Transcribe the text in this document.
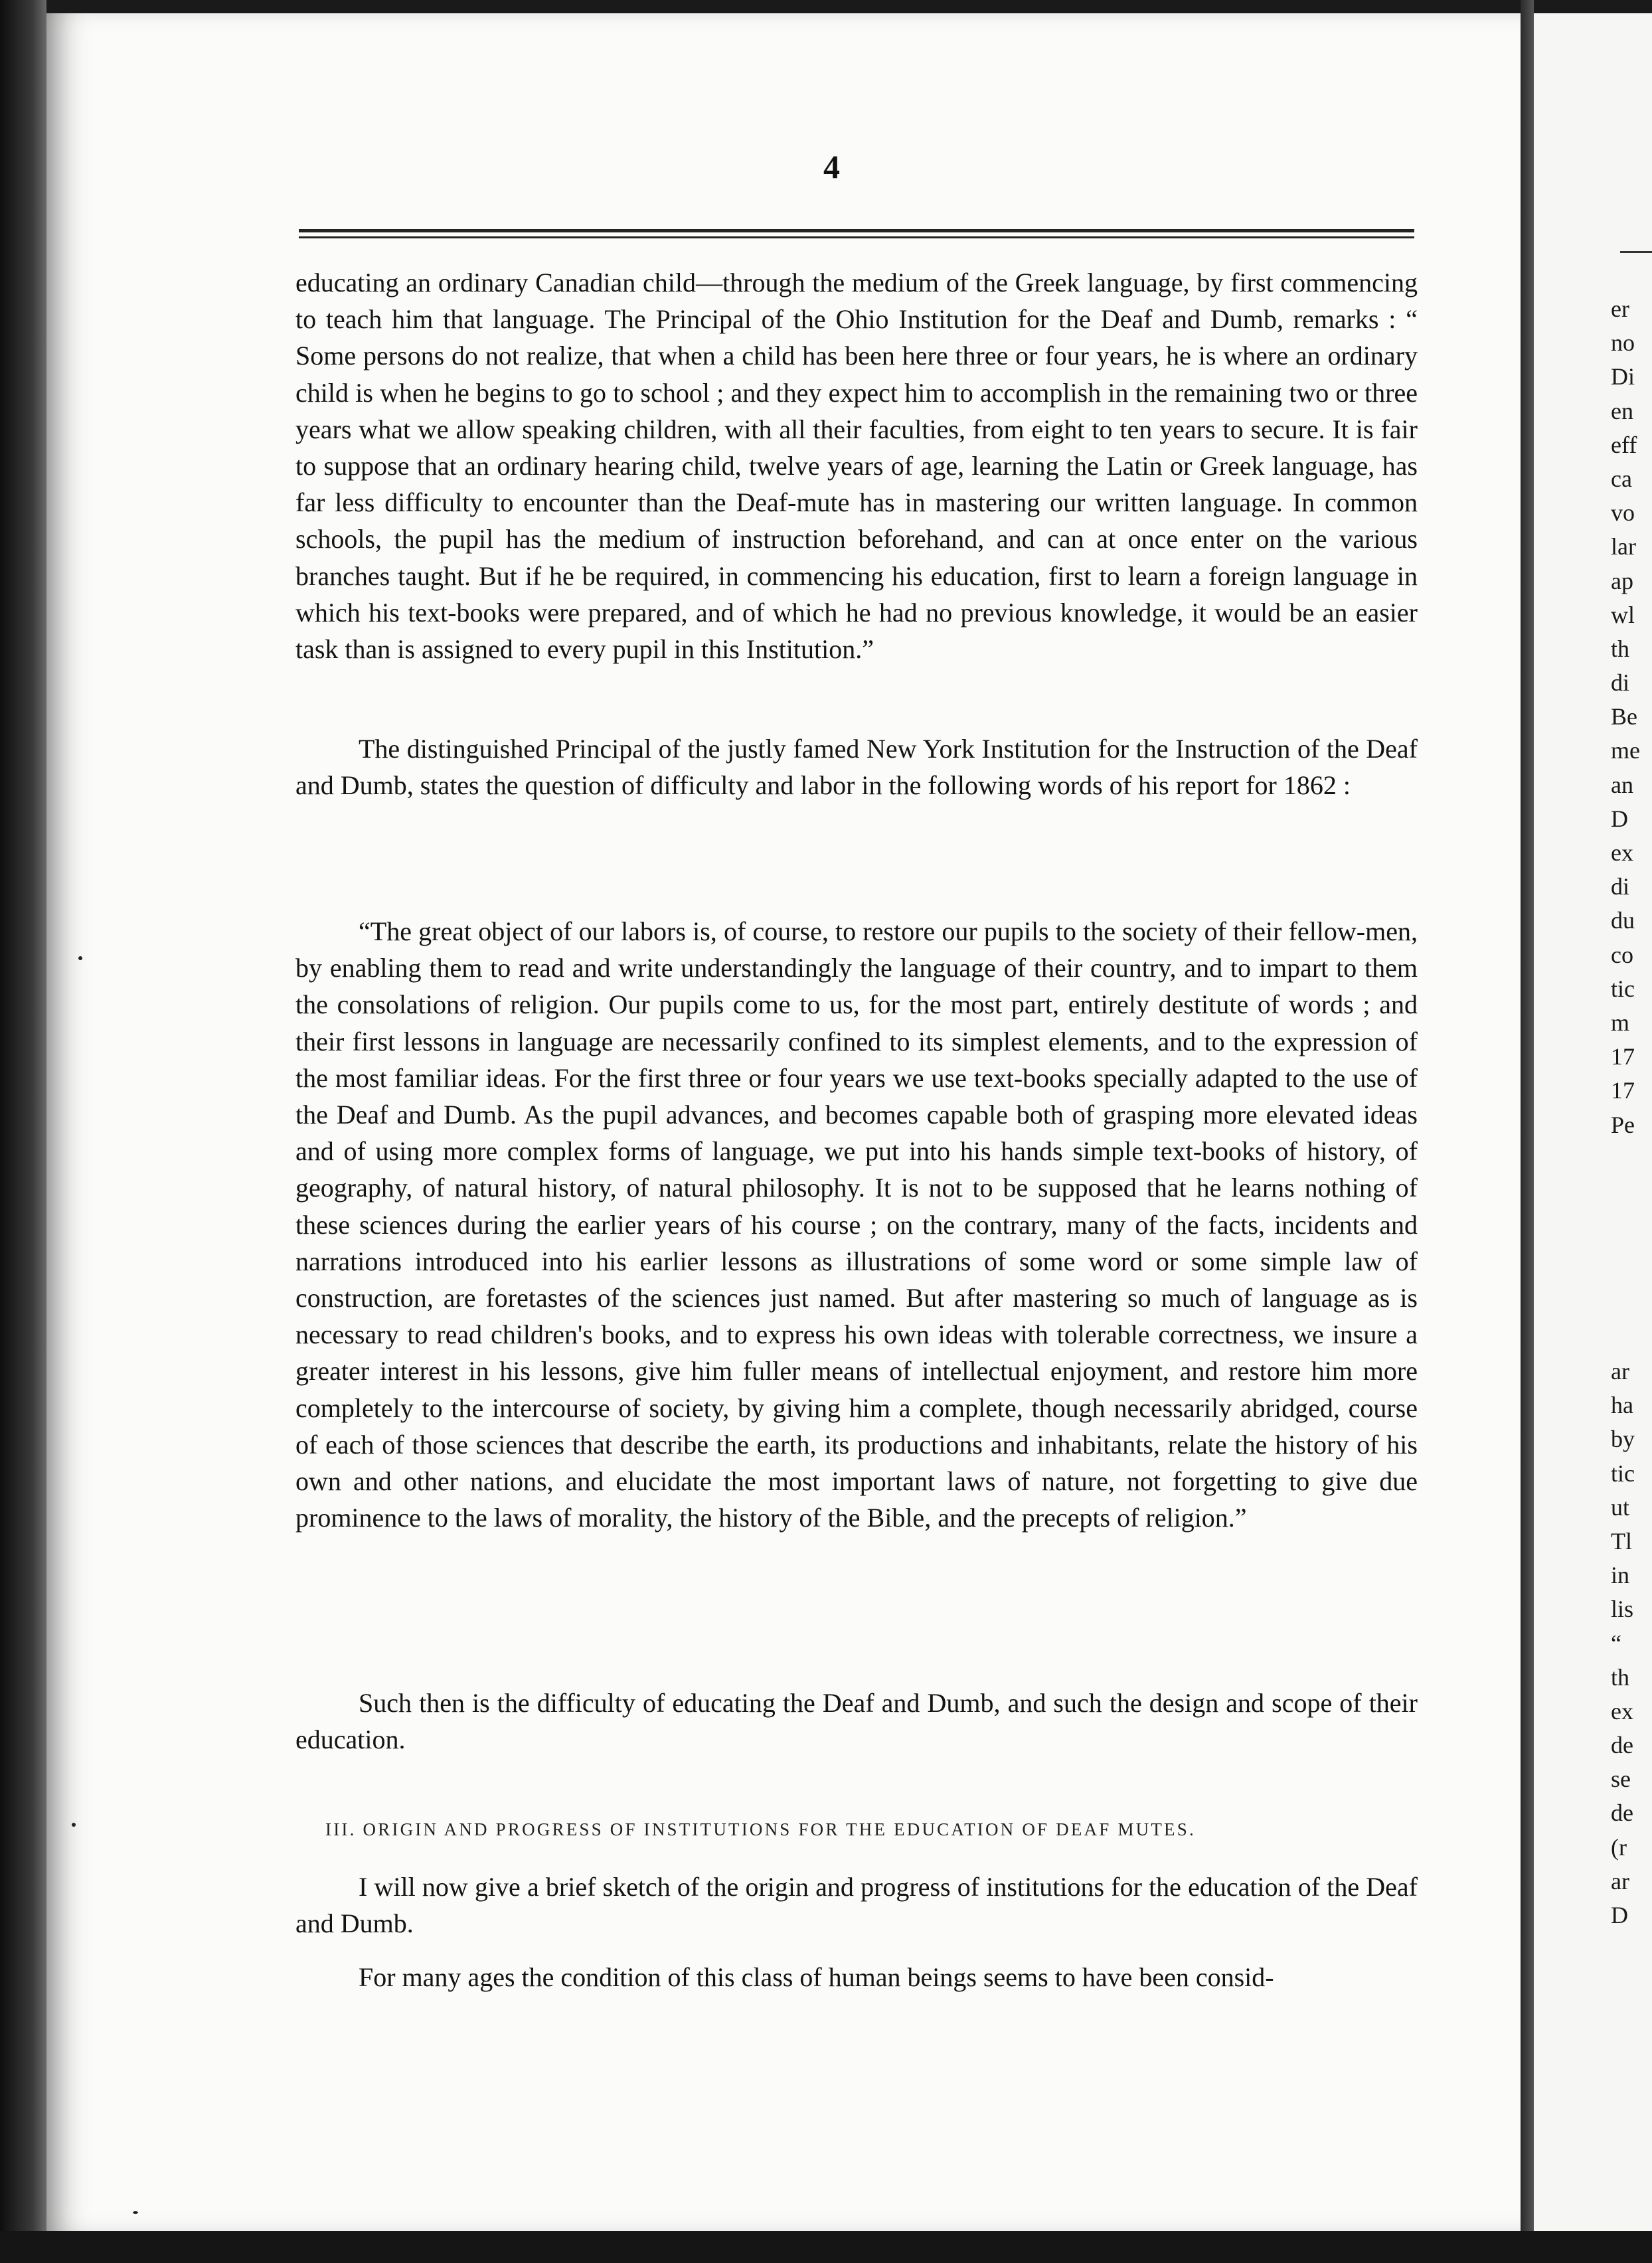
4

educating an ordinary Canadian child—through the medium of the Greek language, by first commencing to teach him that language. The Principal of the Ohio Institution for the Deaf and Dumb, remarks : “ Some persons do not realize, that when a child has been here three or four years, he is where an ordinary child is when he begins to go to school ; and they expect him to accomplish in the remaining two or three years what we allow speaking children, with all their faculties, from eight to ten years to secure. It is fair to suppose that an ordinary hearing child, twelve years of age, learning the Latin or Greek language, has far less difficulty to encounter than the Deaf-mute has in mastering our written language. In common schools, the pupil has the medium of instruction beforehand, and can at once enter on the various branches taught. But if he be required, in commencing his education, first to learn a foreign language in which his text-books were prepared, and of which he had no previous knowledge, it would be an easier task than is assigned to every pupil in this Institution.”

The distinguished Principal of the justly famed New York Institution for the Instruction of the Deaf and Dumb, states the question of difficulty and labor in the following words of his report for 1862 :

“The great object of our labors is, of course, to restore our pupils to the society of their fellow-men, by enabling them to read and write understandingly the language of their country, and to impart to them the consolations of religion. Our pupils come to us, for the most part, entirely destitute of words ; and their first lessons in language are necessarily confined to its simplest elements, and to the expression of the most familiar ideas. For the first three or four years we use text-books specially adapted to the use of the Deaf and Dumb. As the pupil advances, and becomes capable both of grasping more elevated ideas and of using more complex forms of language, we put into his hands simple text-books of history, of geography, of natural history, of natural philosophy. It is not to be supposed that he learns nothing of these sciences during the earlier years of his course ; on the contrary, many of the facts, incidents and narrations introduced into his earlier lessons as illustrations of some word or some simple law of construction, are foretastes of the sciences just named. But after mastering so much of language as is necessary to read children's books, and to express his own ideas with tolerable correctness, we insure a greater interest in his lessons, give him fuller means of intellectual enjoyment, and restore him more completely to the intercourse of society, by giving him a complete, though necessarily abridged, course of each of those sciences that describe the earth, its productions and inhabitants, relate the history of his own and other nations, and elucidate the most important laws of nature, not forgetting to give due prominence to the laws of morality, the history of the Bible, and the precepts of religion.”

Such then is the difficulty of educating the Deaf and Dumb, and such the design and scope of their education.

III. ORIGIN AND PROGRESS OF INSTITUTIONS FOR THE EDUCATION OF DEAF MUTES.

I will now give a brief sketch of the origin and progress of institutions for the education of the Deaf and Dumb.

For many ages the condition of this class of human beings seems to have been consid-

er
no
Di
en
eff
ca
vo
lar
ap
wl
th
di
Be
me
an
D
ex
di
du
co
tic
m
17
17
Pe
ar
ha
by
tic
ut
Tl
in
lis
“
th
ex
de
se
de
(r
ar
D
